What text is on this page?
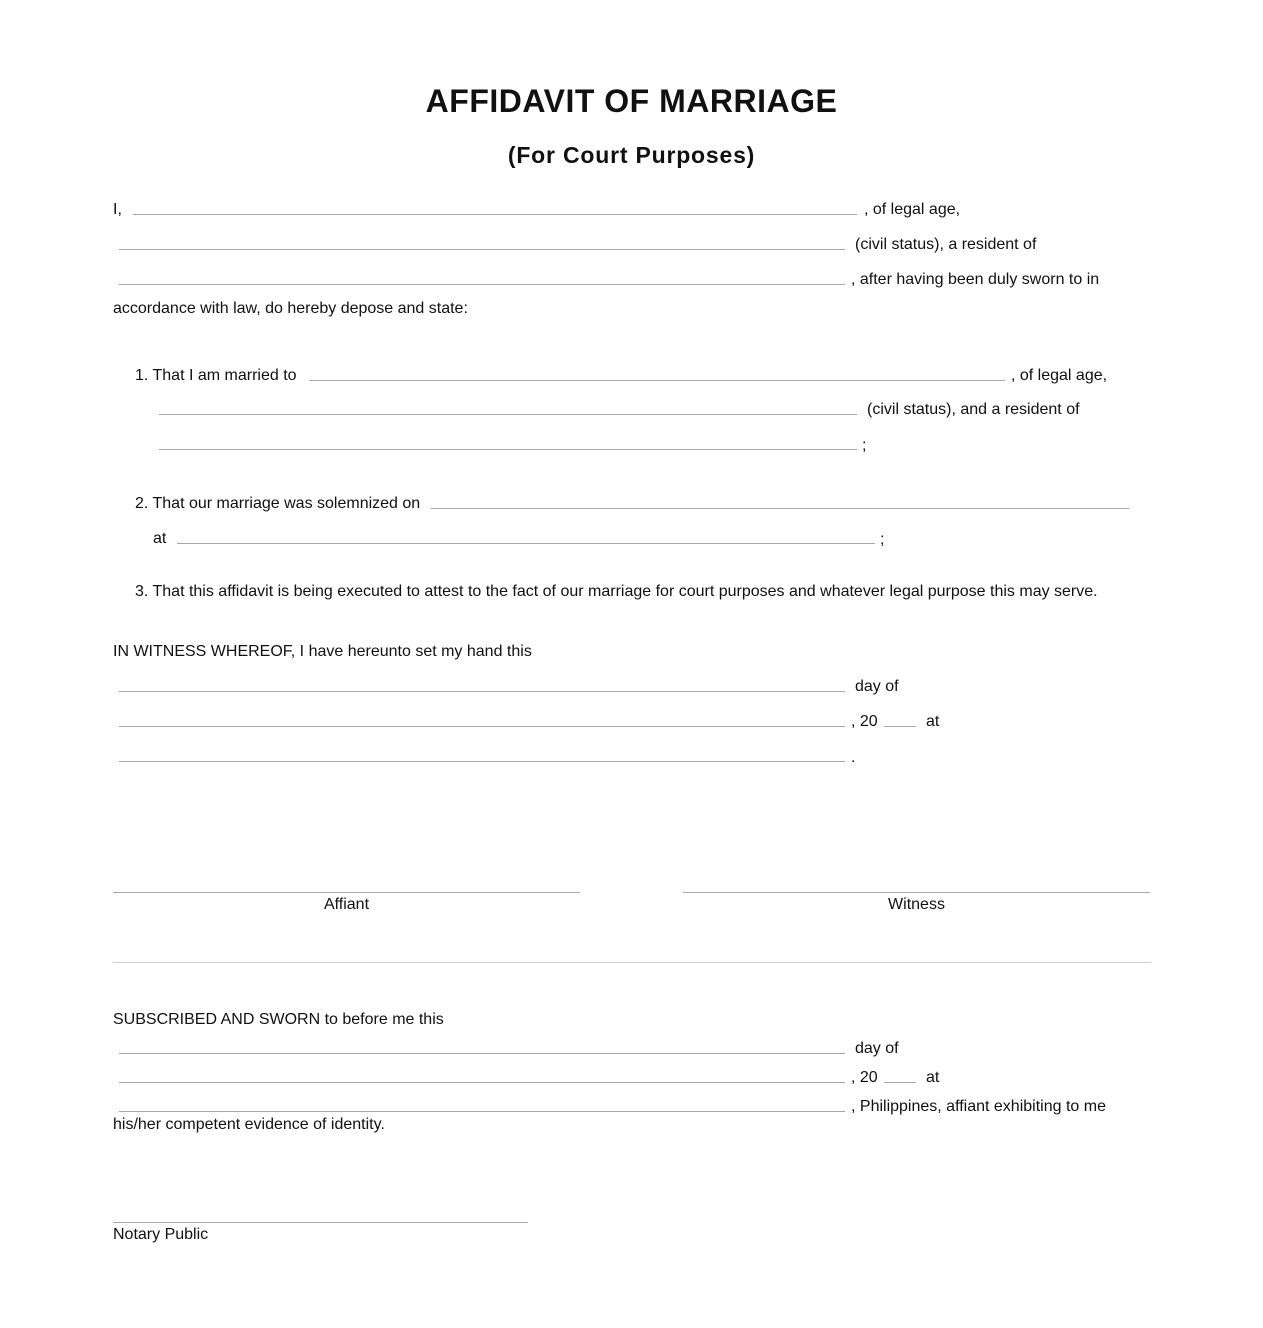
AFFIDAVIT OF MARRIAGE
(For Court Purposes)
I,	, of legal age,
(civil status), a resident of
, after having been duly sworn to in
accordance with law, do hereby depose and state:
1. That I am married to	, of legal age,
(civil status), and a resident of
;
2. That our marriage was solemnized on
at	;
3. That this affidavit is being executed to attest to the fact of our marriage for court purposes and whatever legal purpose this may serve.
IN WITNESS WHEREOF, I have hereunto set my hand this
day of
, 20	at
.
Affiant	Witness
SUBSCRIBED AND SWORN to before me this
day of
, 20	at
, Philippines, affiant exhibiting to me
his/her competent evidence of identity.
Notary Public
